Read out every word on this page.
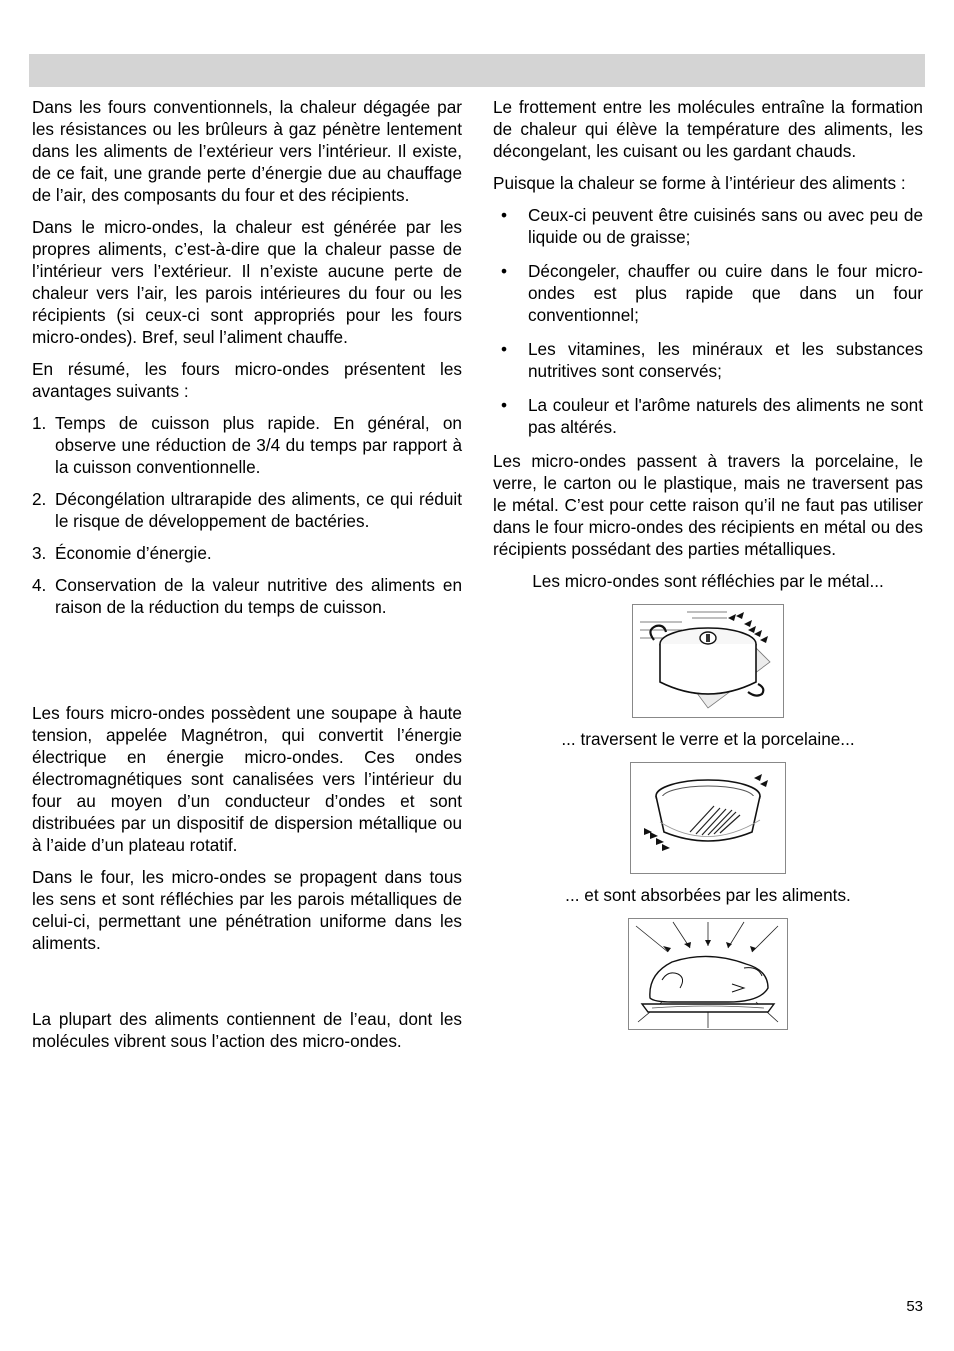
Dans les fours conventionnels, la chaleur dégagée par les résistances ou les brûleurs à gaz pénètre lentement dans les aliments de l’extérieur vers l’intérieur. Il existe, de ce fait, une grande perte d’énergie due au chauffage de l’air, des composants du four et des récipients.

Dans le micro-ondes, la chaleur est générée par les propres aliments, c’est-à-dire que la chaleur passe de l’intérieur vers l’extérieur. Il n’existe aucune perte de chaleur vers l’air, les parois intérieures du four ou les récipients (si ceux-ci sont appropriés pour les fours micro-ondes). Bref, seul l’aliment chauffe.

En résumé, les fours micro-ondes présentent les avantages suivants :

1. Temps de cuisson plus rapide. En général, on observe une réduction de 3/4 du temps par rapport à la cuisson conventionnelle.
2. Décongélation ultrarapide des aliments, ce qui réduit le risque de développement de bactéries.
3. Économie d’énergie.
4. Conservation de la valeur nutritive des aliments en raison de la réduction du temps de cuisson.

Les fours micro-ondes possèdent une soupape à haute tension, appelée Magnétron, qui convertit l’énergie électrique en énergie micro-ondes. Ces ondes électromagnétiques sont canalisées vers l’intérieur du four au moyen d’un conducteur d’ondes et sont distribuées par un dispositif de dispersion métallique ou à l’aide d’un plateau rotatif.

Dans le four, les micro-ondes se propagent dans tous les sens et sont réfléchies par les parois métalliques de celui-ci, permettant une pénétration uniforme dans les aliments.

La plupart des aliments contiennent de l’eau, dont les molécules vibrent sous l’action des micro-ondes.

Le frottement entre les molécules entraîne la formation de chaleur qui élève la température des aliments, les décongelant, les cuisant ou les gardant chauds.

Puisque la chaleur se forme à l’intérieur des aliments :

• Ceux-ci peuvent être cuisinés sans ou avec peu de liquide ou de graisse;
• Décongeler, chauffer ou cuire dans le four micro-ondes est plus rapide que dans un four conventionnel;
• Les vitamines, les minéraux et les substances nutritives sont conservés;
• La couleur et l'arôme naturels des aliments ne sont pas altérés.

Les micro-ondes passent à travers la porcelaine, le verre, le carton ou le plastique, mais ne traversent pas le métal. C’est pour cette raison qu’il ne faut pas utiliser dans le four micro-ondes des récipients en métal ou des récipients possédant des parties métalliques.

Les micro-ondes sont réfléchies par le métal...

... traversent le verre et la porcelaine...

... et sont absorbées par les aliments.

53
